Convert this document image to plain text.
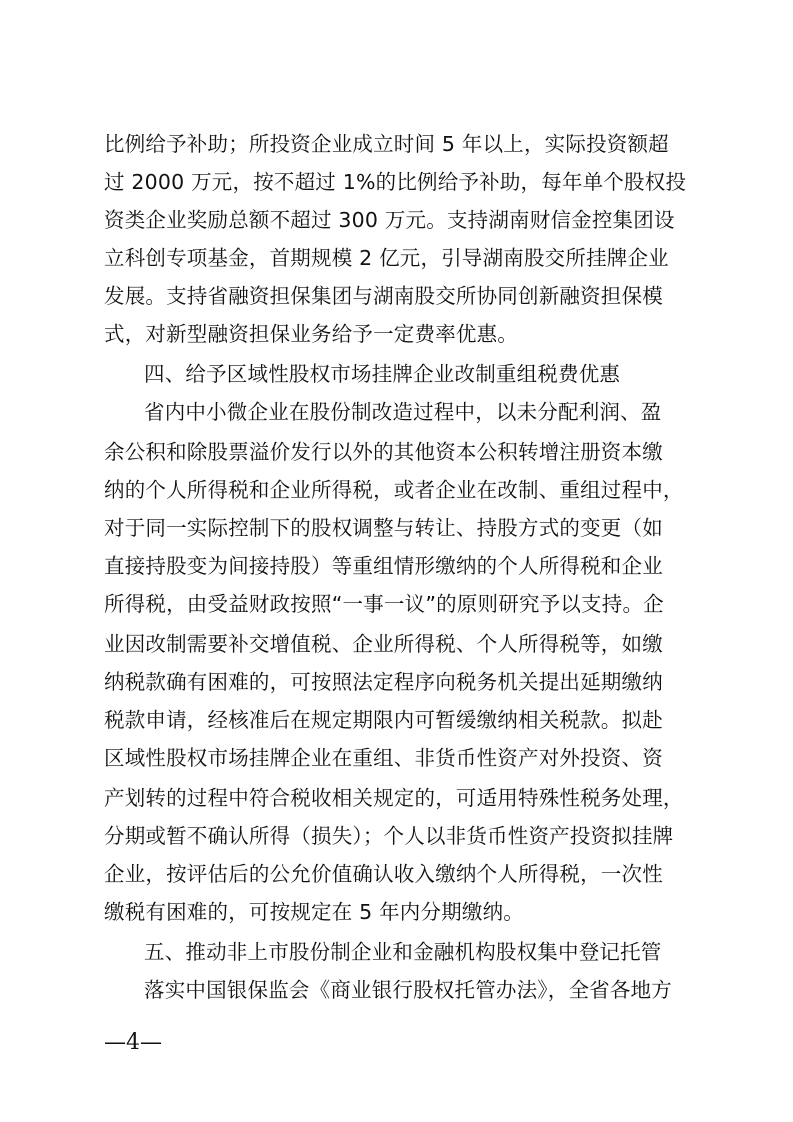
比例给予补助；所投资企业成立时间 5 年以上，实际投资额超
过 2000 万元，按不超过 1%的比例给予补助，每年单个股权投
资类企业奖励总额不超过 300 万元。支持湖南财信金控集团设
立科创专项基金，首期规模 2 亿元，引导湖南股交所挂牌企业
发展。支持省融资担保集团与湖南股交所协同创新融资担保模
式，对新型融资担保业务给予一定费率优惠。
四、给予区域性股权市场挂牌企业改制重组税费优惠
省内中小微企业在股份制改造过程中，以未分配利润、盈
余公积和除股票溢价发行以外的其他资本公积转增注册资本缴
纳的个人所得税和企业所得税，或者企业在改制、重组过程中，
对于同一实际控制下的股权调整与转让、持股方式的变更（如
直接持股变为间接持股）等重组情形缴纳的个人所得税和企业
所得税，由受益财政按照“一事一议”的原则研究予以支持。企
业因改制需要补交增值税、企业所得税、个人所得税等，如缴
纳税款确有困难的，可按照法定程序向税务机关提出延期缴纳
税款申请，经核准后在规定期限内可暂缓缴纳相关税款。拟赴
区域性股权市场挂牌企业在重组、非货币性资产对外投资、资
产划转的过程中符合税收相关规定的，可适用特殊性税务处理，
分期或暂不确认所得（损失）；个人以非货币性资产投资拟挂牌
企业，按评估后的公允价值确认收入缴纳个人所得税，一次性
缴税有困难的，可按规定在 5 年内分期缴纳。
五、推动非上市股份制企业和金融机构股权集中登记托管
落实中国银保监会《商业银行股权托管办法》，全省各地方
—4—
